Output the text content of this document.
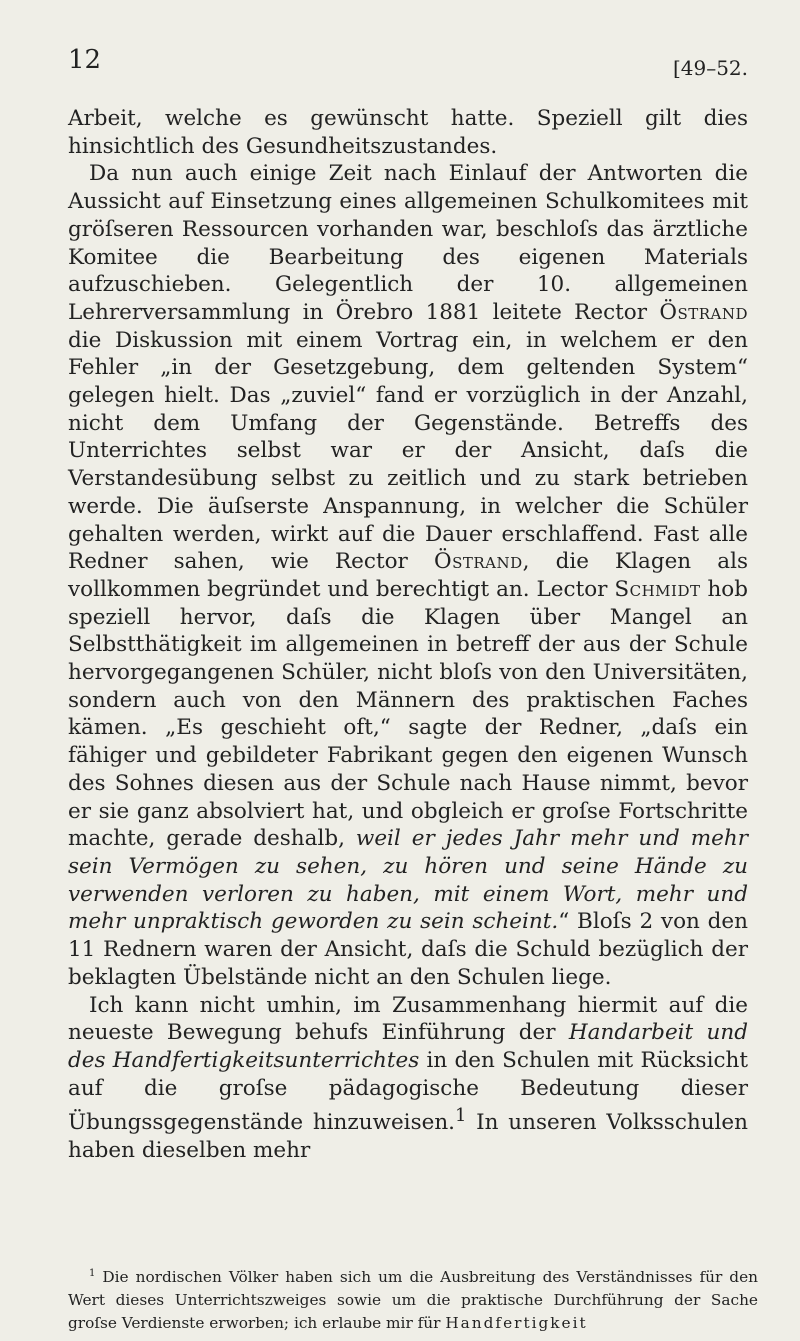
12	[49–52.

Arbeit, welche es gewünscht hatte. Speziell gilt dies hinsichtlich des Gesundheitszustandes.

Da nun auch einige Zeit nach Einlauf der Antworten die Aussicht auf Einsetzung eines allgemeinen Schulkomitees mit gröſseren Ressourcen vorhanden war, beschloſs das ärztliche Komitee die Bearbeitung des eigenen Materials aufzuschieben. Gelegentlich der 10. allgemeinen Lehrerversammlung in Örebro 1881 leitete Rector Östrand die Diskussion mit einem Vortrag ein, in welchem er den Fehler „in der Gesetzgebung, dem geltenden System“ gelegen hielt. Das „zuviel“ fand er vorzüglich in der Anzahl, nicht dem Umfang der Gegenstände. Betreffs des Unterrichtes selbst war er der Ansicht, daſs die Verstandesübung selbst zu zeitlich und zu stark betrieben werde. Die äuſserste Anspannung, in welcher die Schüler gehalten werden, wirkt auf die Dauer erschlaffend. Fast alle Redner sahen, wie Rector Östrand, die Klagen als vollkommen begründet und berechtigt an. Lector Schmidt hob speziell hervor, daſs die Klagen über Mangel an Selbstthätigkeit im allgemeinen in betreff der aus der Schule hervorgegangenen Schüler, nicht bloſs von den Universitäten, sondern auch von den Männern des praktischen Faches kämen. „Es geschieht oft,“ sagte der Redner, „daſs ein fähiger und gebildeter Fabrikant gegen den eigenen Wunsch des Sohnes diesen aus der Schule nach Hause nimmt, bevor er sie ganz absolviert hat, und obgleich er groſse Fortschritte machte, gerade deshalb, weil er jedes Jahr mehr und mehr sein Vermögen zu sehen, zu hören und seine Hände zu verwenden verloren zu haben, mit einem Wort, mehr und mehr unpraktisch geworden zu sein scheint.“ Bloſs 2 von den 11 Rednern waren der Ansicht, daſs die Schuld bezüglich der beklagten Übelstände nicht an den Schulen liege.

Ich kann nicht umhin, im Zusammenhang hiermit auf die neueste Bewegung behufs Einführung der Handarbeit und des Handfertigkeitsunterrichtes in den Schulen mit Rücksicht auf die groſse pädagogische Bedeutung dieser Übungssgegenstände hinzuweisen.$^1$ In unseren Volksschulen haben dieselben mehr

$^1$ Die nordischen Völker haben sich um die Ausbreitung des Verständnisses für den Wert dieses Unterrichtszweiges sowie um die praktische Durchführung der Sache groſse Verdienste erworben; ich erlaube mir für Handfertigkeit
